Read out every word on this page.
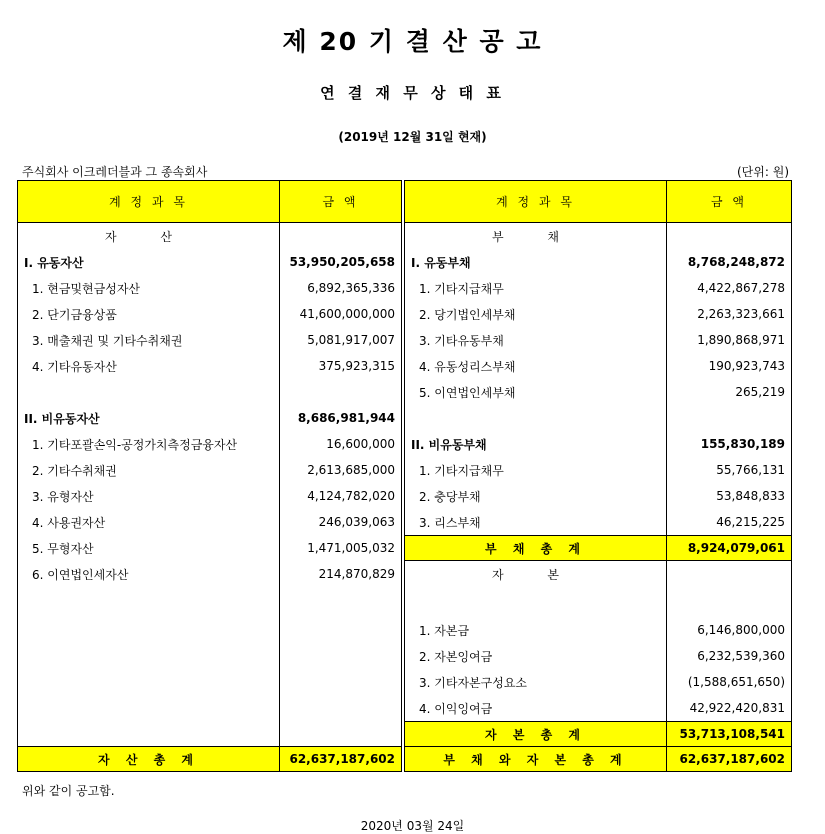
제 20 기 결 산 공 고
연 결 재 무 상 태 표
(2019년 12월 31일 현재)
주식회사 이크레더블과 그 종속회사	(단위: 원)
계 정 과 목	금 액
자 산	
I. 유동자산	53,950,205,658
1. 현금및현금성자산	6,892,365,336
2. 단기금융상품	41,600,000,000
3. 매출채권 및 기타수취채권	5,081,917,007
4. 기타유동자산	375,923,315

II. 비유동자산	8,686,981,944
1. 기타포괄손익-공정가치측정금융자산	16,600,000
2. 기타수취채권	2,613,685,000
3. 유형자산	4,124,782,020
4. 사용권자산	246,039,063
5. 무형자산	1,471,005,032
6. 이연법인세자산	214,870,829

자 산 총 계	62,637,187,602
계 정 과 목	금 액
부 채	
I. 유동부채	8,768,248,872
1. 기타지급채무	4,422,867,278
2. 당기법인세부채	2,263,323,661
3. 기타유동부채	1,890,868,971
4. 유동성리스부채	190,923,743
5. 이연법인세부채	265,219

II. 비유동부채	155,830,189
1. 기타지급채무	55,766,131
2. 충당부채	53,848,833
3. 리스부채	46,215,225
부 채 총 계	8,924,079,061
자 본	

1. 자본금	6,146,800,000
2. 자본잉여금	6,232,539,360
3. 기타자본구성요소	(1,588,651,650)
4. 이익잉여금	42,922,420,831
자 본 총 계	53,713,108,541
부 채 와 자 본 총 계	62,637,187,602
위와 같이 공고함.
2020년 03월 24일
